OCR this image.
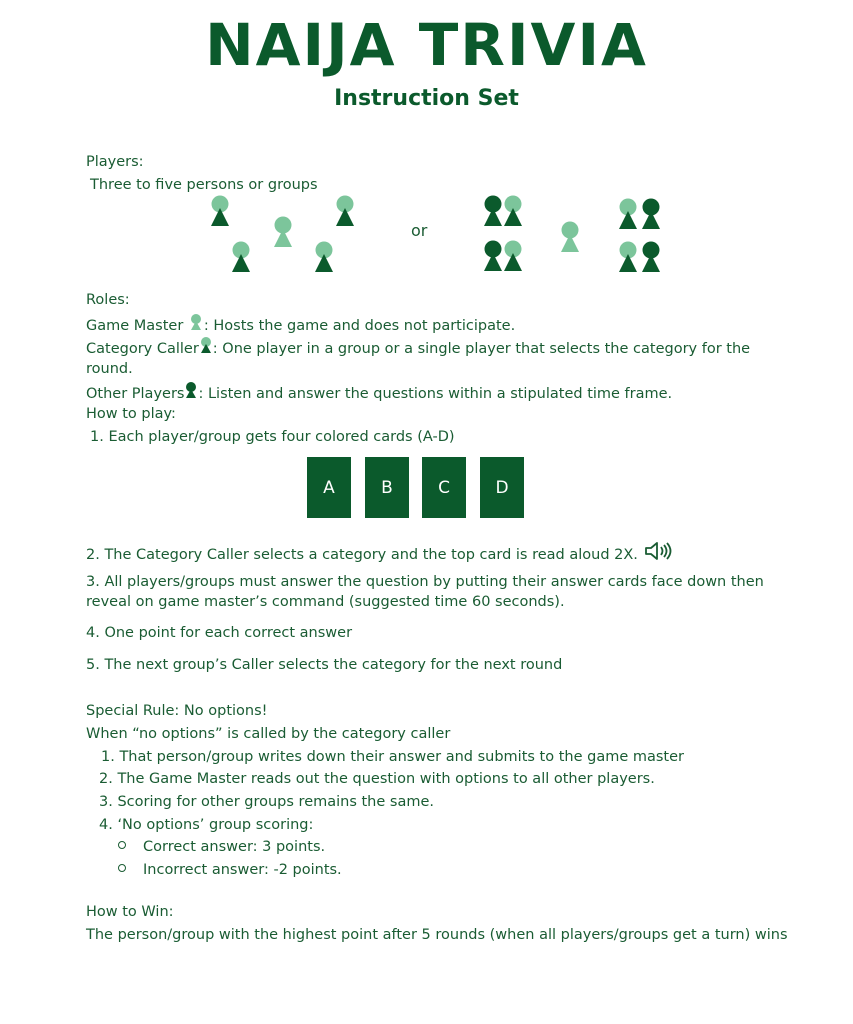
NAIJA TRIVIA
Instruction Set

Players:

Three to five persons or groups

or

Roles:

Game Master : Hosts the game and does not participate.

Category Caller : One player in a group or a single player that selects the category for the round.

Other Players : Listen and answer the questions within a stipulated time frame.

How to play:

1. Each player/group gets four colored cards (A-D)

A	B	C	D

2. The Category Caller selects a category and the top card is read aloud 2X.

3. All players/groups must answer the question by putting their answer cards face down then reveal on game master’s command (suggested time 60 seconds).

4. One point for each correct answer

5. The next group’s Caller selects the category for the next round

Special Rule: No options!

When “no options” is called by the category caller

1. That person/group writes down their answer and submits to the game master

2. The Game Master reads out the question with options to all other players.

3. Scoring for other groups remains the same.

4. ‘No options’ group scoring:

Correct answer: 3 points.

Incorrect answer: -2 points.

How to Win:

The person/group with the highest point after 5 rounds (when all players/groups get a turn) wins
